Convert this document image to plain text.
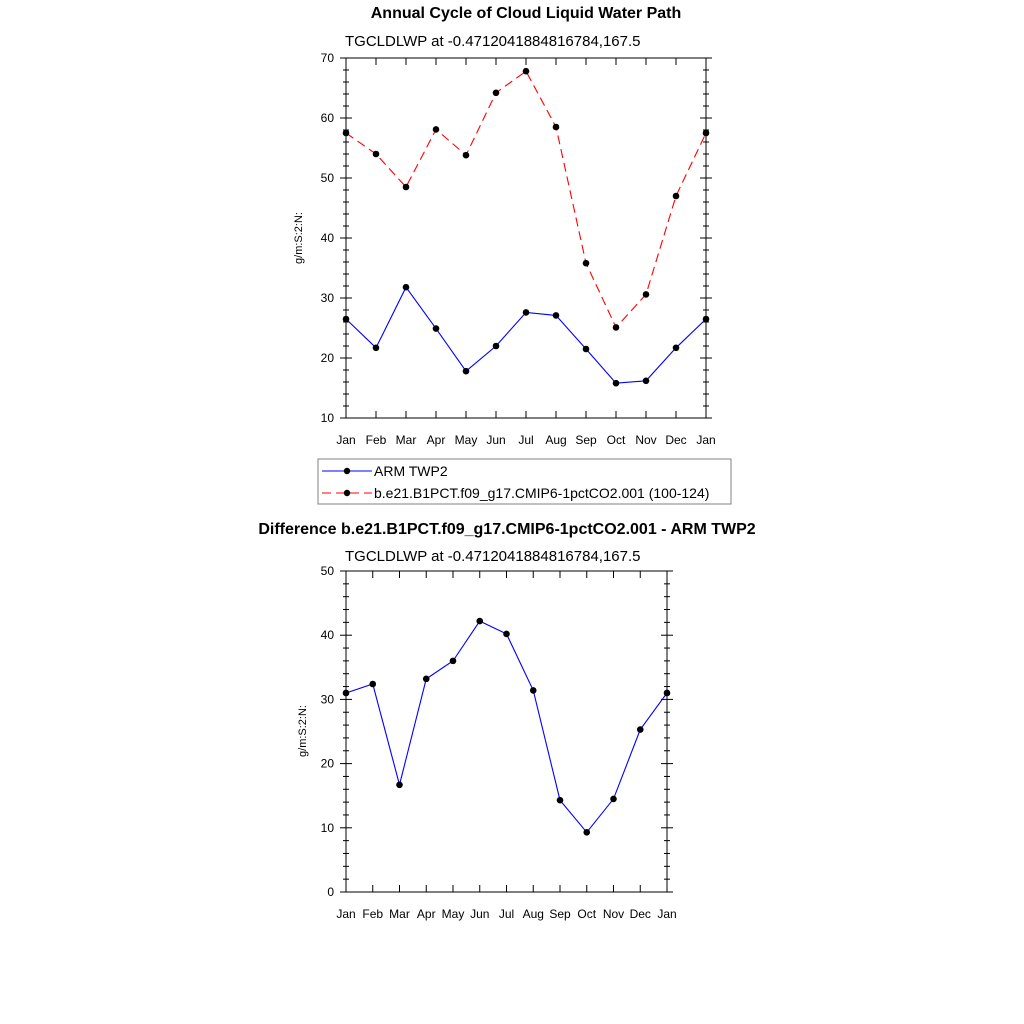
Annual Cycle of Cloud Liquid Water Path
TGCLDLWP at -0.4712041884816784,167.5
g/m:S:2:N:
Jan Feb Mar Apr May Jun Jul Aug Sep Oct Nov Dec Jan
10
20
30
40
50
60
70
ARM TWP2
b.e21.B1PCT.f09_g17.CMIP6-1pctCO2.001 (100-124)
Difference b.e21.B1PCT.f09_g17.CMIP6-1pctCO2.001 - ARM TWP2
TGCLDLWP at -0.4712041884816784,167.5
g/m:S:2:N:
Jan Feb Mar Apr May Jun Jul Aug Sep Oct Nov Dec Jan
0
10
20
30
40
50
